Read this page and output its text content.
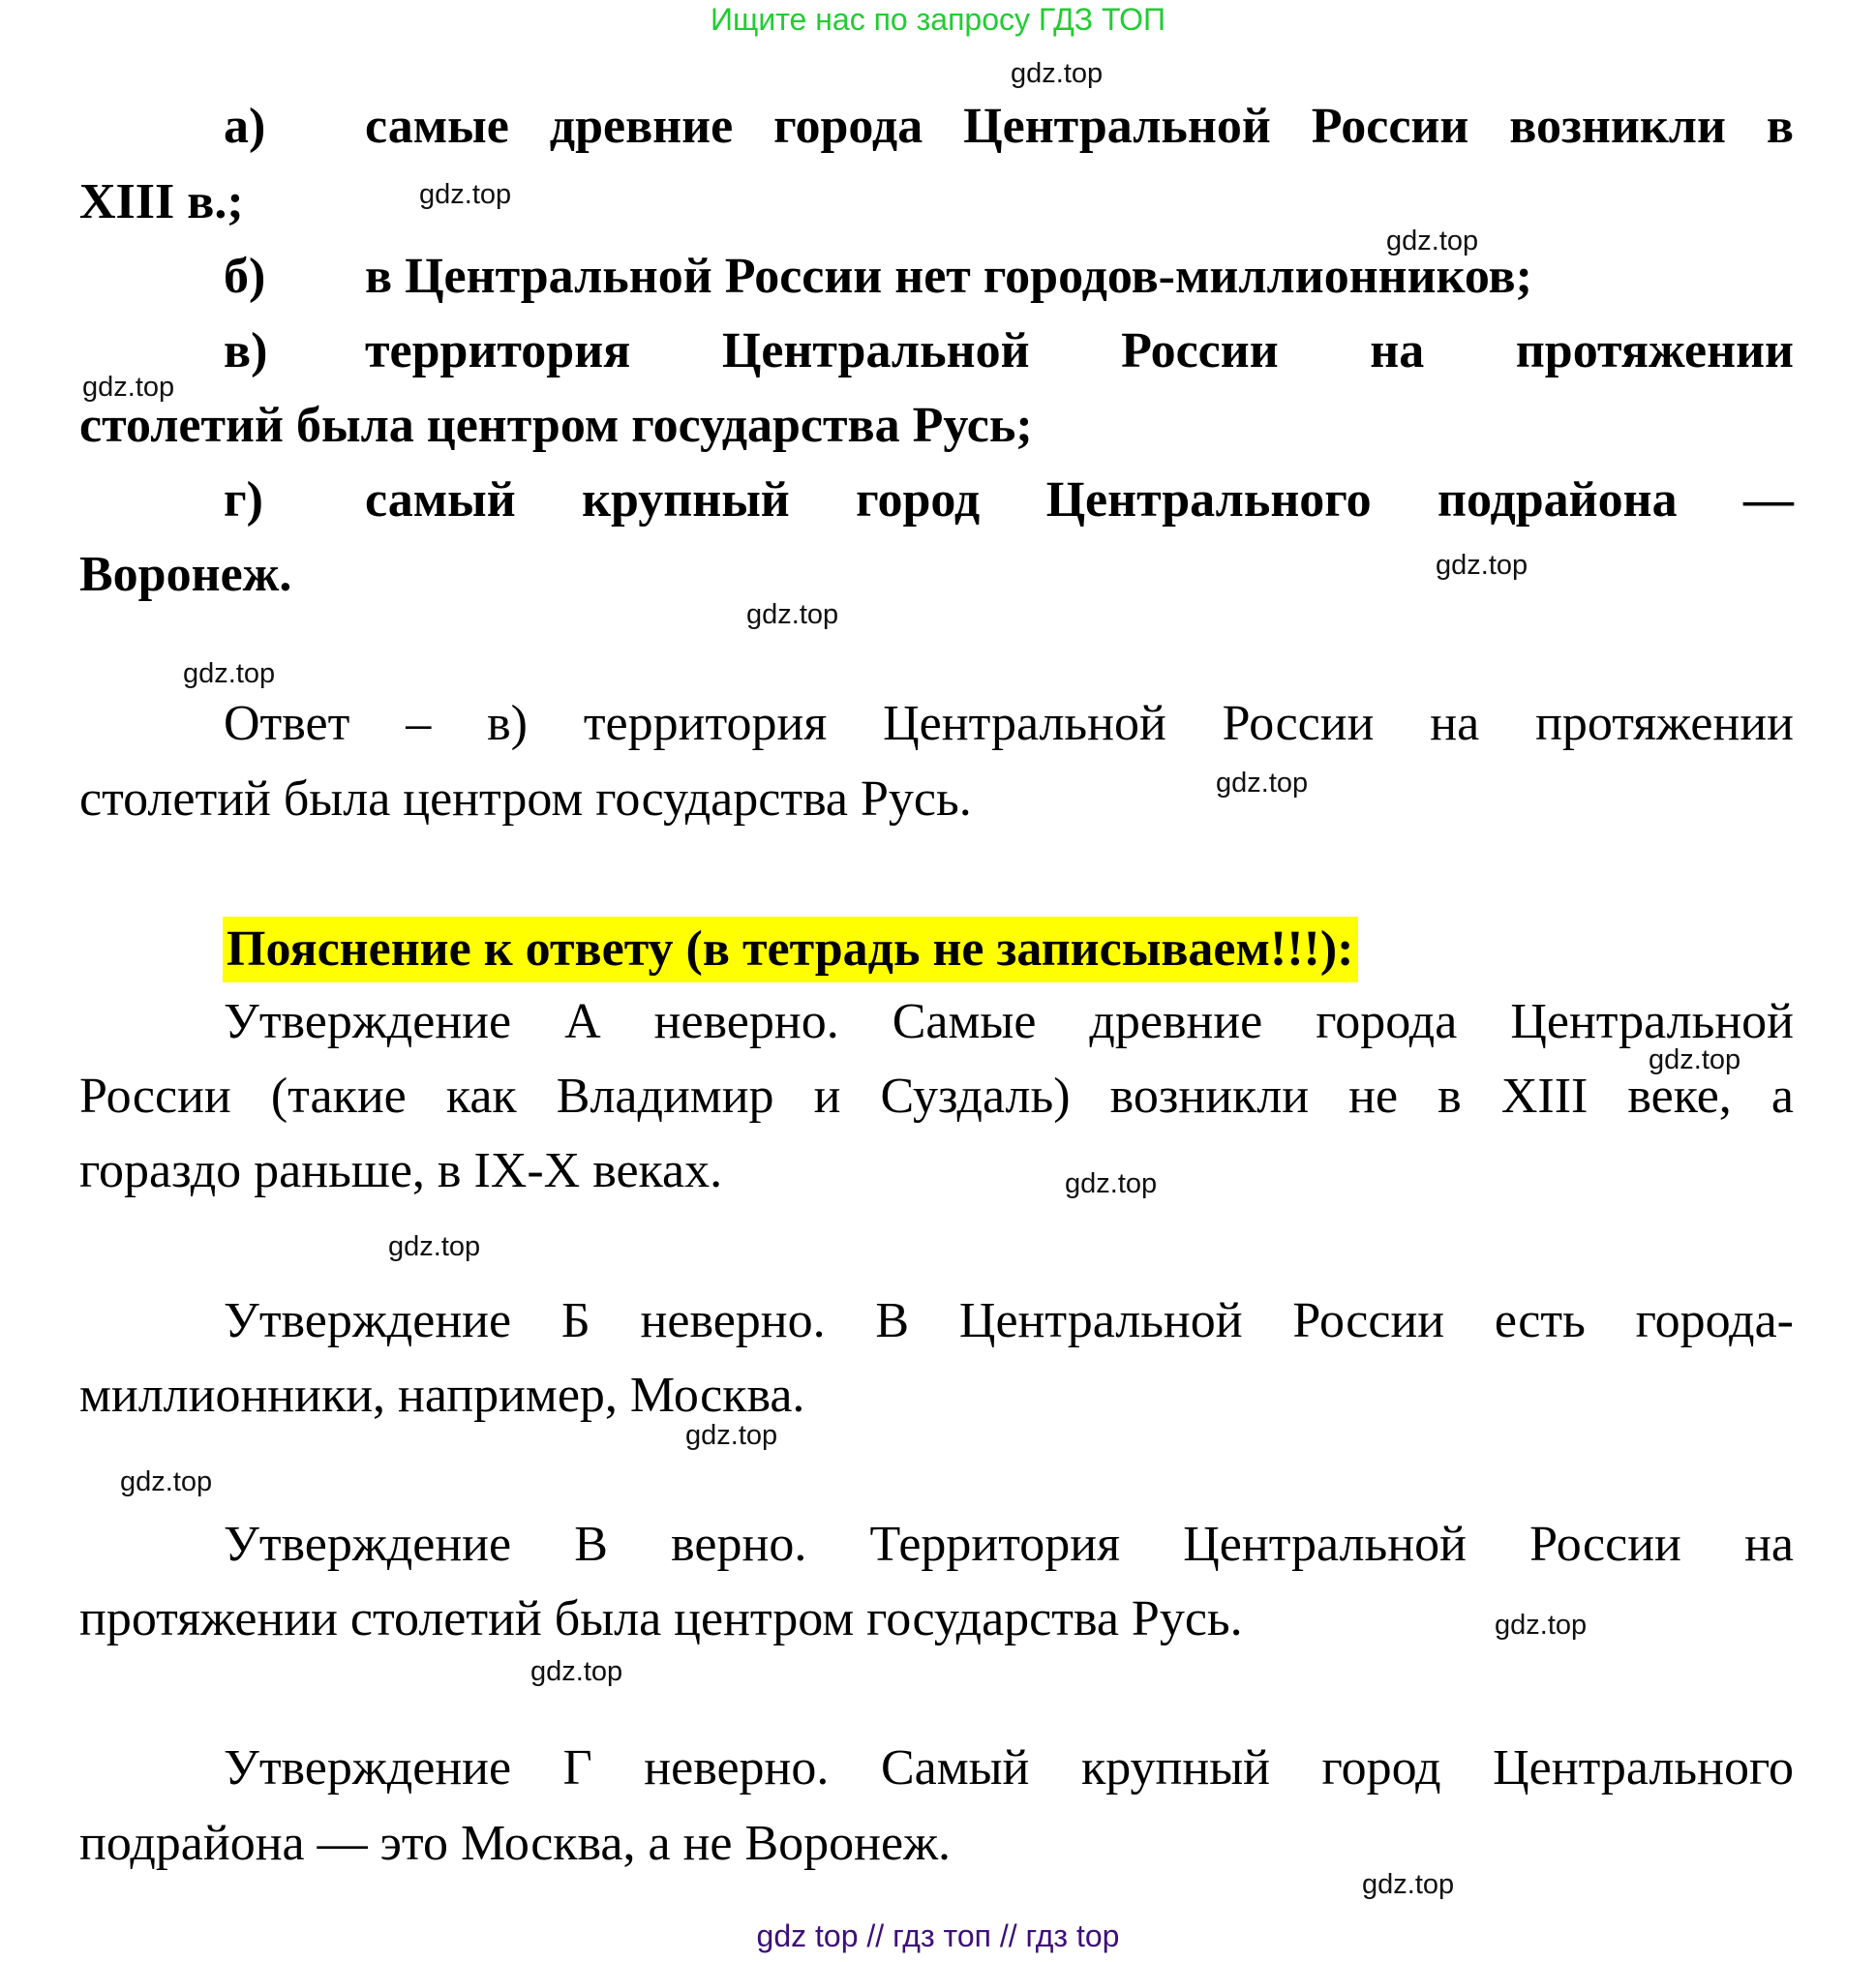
Ищите нас по запросу ГДЗ ТОП
а) самые древние города Центральной России возникли в
XIII в.;
б) в Центральной России нет городов-миллионников;
в) территория Центральной России на протяжении
столетий была центром государства Русь;
г) самый крупный город Центрального подрайона —
Воронеж.
Ответ – в) территория Центральной России на протяжении
столетий была центром государства Русь.
Пояснение к ответу (в тетрадь не записываем!!!):
Утверждение А неверно. Самые древние города Центральной
России (такие как Владимир и Суздаль) возникли не в XIII веке, а
гораздо раньше, в IX-X веках.
Утверждение Б неверно. В Центральной России есть города-
миллионники, например, Москва.
Утверждение В верно. Территория Центральной России на
протяжении столетий была центром государства Русь.
Утверждение Г неверно. Самый крупный город Центрального
подрайона — это Москва, а не Воронеж.
gdz.top
gdz.top
gdz.top
gdz.top
gdz.top
gdz.top
gdz.top
gdz.top
gdz.top
gdz.top
gdz.top
gdz.top
gdz.top
gdz.top
gdz.top
gdz.top
gdz top // гдз топ // гдз top
